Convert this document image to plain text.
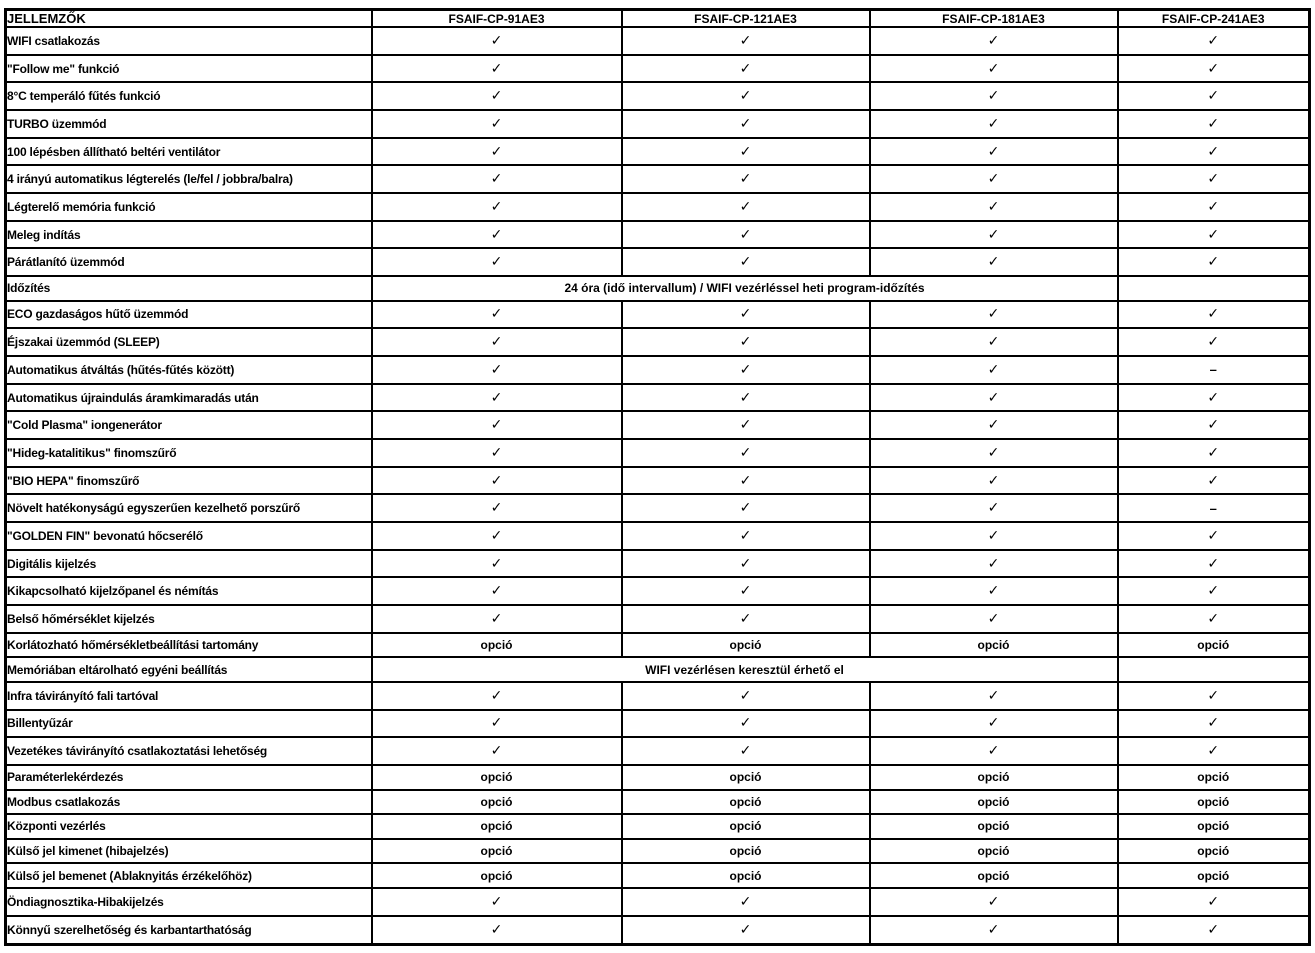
JELLEMZŐK	FSAIF-CP-91AE3	FSAIF-CP-121AE3	FSAIF-CP-181AE3	FSAIF-CP-241AE3
WIFI csatlakozás	✓	✓	✓	✓
"Follow me" funkció	✓	✓	✓	✓
8°C temperáló fűtés funkció	✓	✓	✓	✓
TURBO üzemmód	✓	✓	✓	✓
100 lépésben állítható beltéri ventilátor	✓	✓	✓	✓
4 irányú automatikus légterelés (le/fel / jobbra/balra)	✓	✓	✓	✓
Légterelő memória funkció	✓	✓	✓	✓
Meleg indítás	✓	✓	✓	✓
Párátlanító üzemmód	✓	✓	✓	✓
Időzítés	24 óra (idő intervallum) / WIFI vezérléssel heti program-időzítés			
ECO gazdaságos hűtő üzemmód	✓	✓	✓	✓
Éjszakai üzemmód (SLEEP)	✓	✓	✓	✓
Automatikus átváltás (hűtés-fűtés között)	✓	✓	✓	–
Automatikus újraindulás áramkimaradás után	✓	✓	✓	✓
"Cold Plasma" iongenerátor	✓	✓	✓	✓
"Hideg-katalitikus" finomszűrő	✓	✓	✓	✓
"BIO HEPA" finomszűrő	✓	✓	✓	✓
Növelt hatékonyságú egyszerűen kezelhető porszűrő	✓	✓	✓	–
"GOLDEN FIN" bevonatú hőcserélő	✓	✓	✓	✓
Digitális kijelzés	✓	✓	✓	✓
Kikapcsolható kijelzőpanel és némítás	✓	✓	✓	✓
Belső hőmérséklet kijelzés	✓	✓	✓	✓
Korlátozható hőmérsékletbeállítási tartomány	opció	opció	opció	opció
Memóriában eltárolható egyéni beállítás	WIFI vezérlésen keresztül érhető el			
Infra távirányító fali tartóval	✓	✓	✓	✓
Billentyűzár	✓	✓	✓	✓
Vezetékes távirányító csatlakoztatási lehetőség	✓	✓	✓	✓
Paraméterlekérdezés	opció	opció	opció	opció
Modbus csatlakozás	opció	opció	opció	opció
Központi vezérlés	opció	opció	opció	opció
Külső jel kimenet (hibajelzés)	opció	opció	opció	opció
Külső jel bemenet (Ablaknyitás érzékelőhöz)	opció	opció	opció	opció
Öndiagnosztika-Hibakijelzés	✓	✓	✓	✓
Könnyű szerelhetőség és karbantarthatóság	✓	✓	✓	✓
